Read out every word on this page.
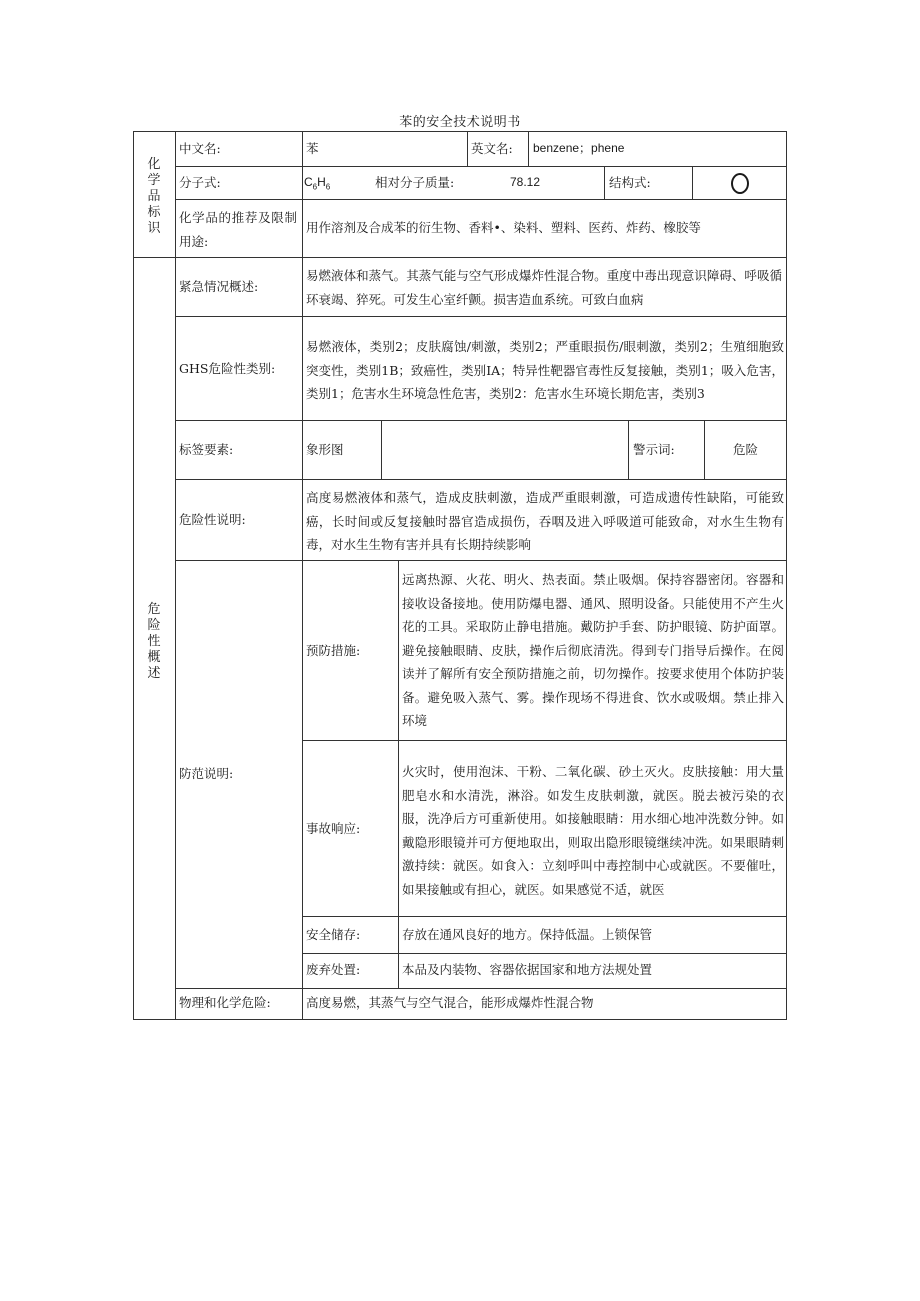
苯的安全技术说明书
化学品标识
危险性概述
中文名:	苯	英文名: benzene；phene
分子式:	$C_6H_6$	相对分子质量:	78.12	结构式:
化学品的推荐及限制用途:
用作溶剂及合成苯的衍生物、香料•、染料、塑料、医药、炸药、橡胶等
紧急情况概述:
易燃液体和蒸气。其蒸气能与空气形成爆炸性混合物。重度中毒出现意识障碍、呼吸循环衰竭、猝死。可发生心室纤颤。损害造血系统。可致白血病
GHS危险性类别:
易燃液体，类别2；皮肤腐蚀/刺激，类别2；严重眼损伤/眼刺激，类别2；生殖细胞致突变性，类别1B；致癌性，类别IA；特异性靶器官毒性反复接触，类别1；吸入危害，类别1；危害水生环境急性危害，类别2：危害水生环境长期危害，类别3
标签要素:	象形图	警示词:	危险
危险性说明:
高度易燃液体和蒸气，造成皮肤刺激，造成严重眼刺激，可造成遗传性缺陷，可能致癌，长时间或反复接触时器官造成损伤，吞咽及进入呼吸道可能致命，对水生生物有毒，对水生生物有害并具有长期持续影响
防范说明:
预防措施:
远离热源、火花、明火、热表面。禁止吸烟。保持容器密闭。容器和接收设备接地。使用防爆电器、通风、照明设备。只能使用不产生火花的工具。采取防止静电措施。戴防护手套、防护眼镜、防护面罩。避免接触眼睛、皮肤，操作后彻底清洗。得到专门指导后操作。在阅读并了解所有安全预防措施之前，切勿操作。按要求使用个体防护装备。避免吸入蒸气、雾。操作现场不得进食、饮水或吸烟。禁止排入环境
事故响应:
火灾时，使用泡沫、干粉、二氧化碳、砂土灭火。皮肤接触：用大量肥皂水和水清洗，淋浴。如发生皮肤刺激，就医。脱去被污染的衣服，洗净后方可重新使用。如接触眼睛：用水细心地冲洗数分钟。如戴隐形眼镜并可方便地取出，则取出隐形眼镜继续冲洗。如果眼睛刺激持续：就医。如食入：立刻呼叫中毒控制中心或就医。不要催吐，如果接触或有担心，就医。如果感觉不适，就医
安全储存:	存放在通风良好的地方。保持低温。上锁保管
废弃处置:	本品及内装物、容器依据国家和地方法规处置
物理和化学危险:	高度易燃，其蒸气与空气混合，能形成爆炸性混合物
